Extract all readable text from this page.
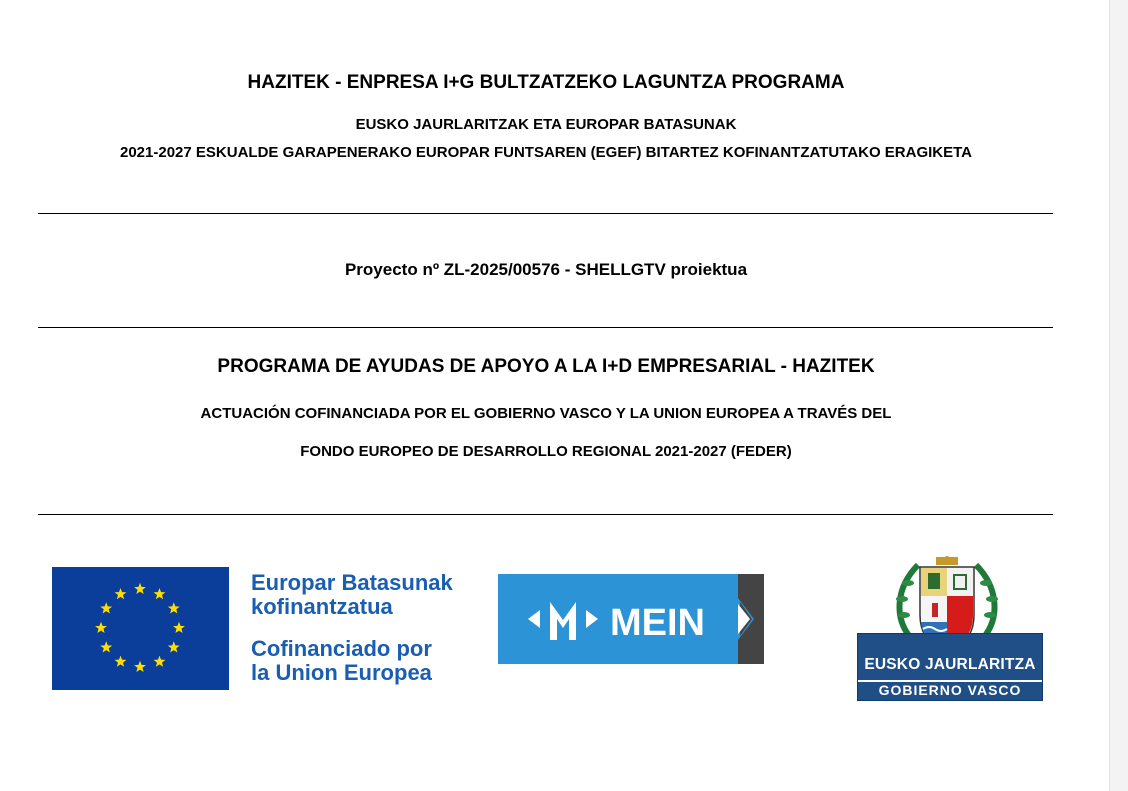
HAZITEK - ENPRESA I+G BULTZATZEKO LAGUNTZA PROGRAMA
EUSKO JAURLARITZAK ETA EUROPAR BATASUNAK
2021-2027 ESKUALDE GARAPENERAKO EUROPAR FUNTSAREN (EGEF) BITARTEZ KOFINANTZATUTAKO ERAGIKETA
Proyecto nº ZL-2025/00576 - SHELLGTV proiektua
PROGRAMA DE AYUDAS DE APOYO A LA I+D EMPRESARIAL - HAZITEK
ACTUACIÓN COFINANCIADA POR EL GOBIERNO VASCO Y LA UNION EUROPEA A TRAVÉS DEL
FONDO EUROPEO DE DESARROLLO REGIONAL 2021-2027 (FEDER)
Europar Batasunak
kofinantzatua
Cofinanciado por
la Union Europea
MEIN
EUSKO JAURLARITZA
GOBIERNO VASCO
